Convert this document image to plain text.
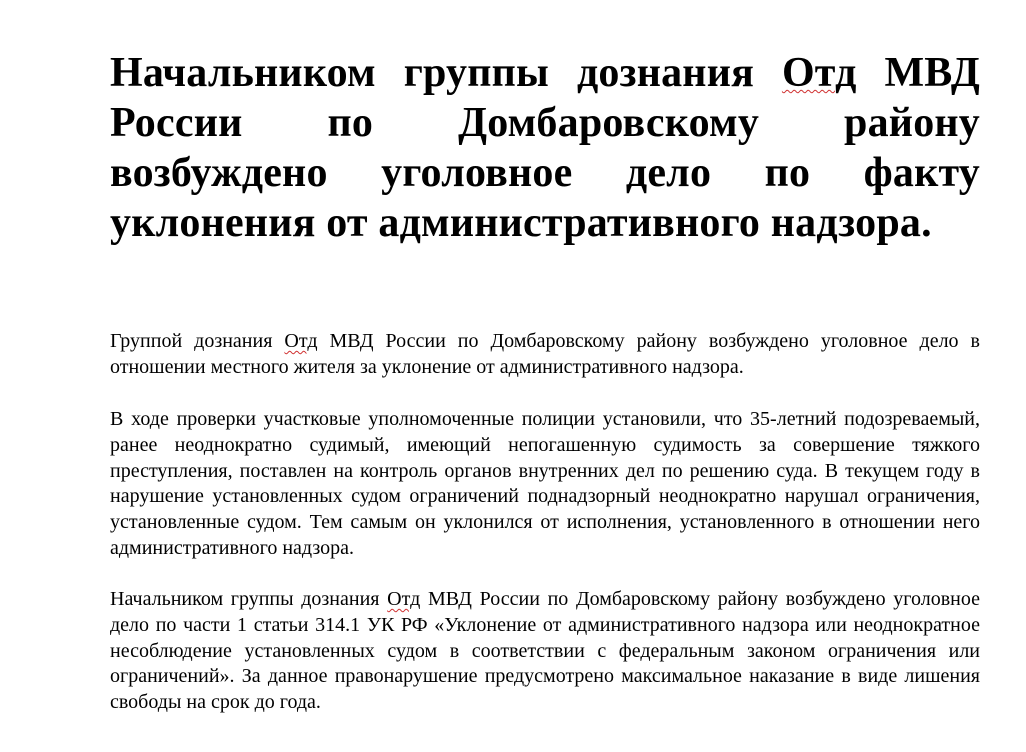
Начальником группы дознания Отд МВД России по Домбаровскому району возбуждено уголовное дело по факту уклонения от административного надзора.

Группой дознания Отд МВД России по Домбаровскому району возбуждено уголовное дело в отношении местного жителя за уклонение от административного надзора.

В ходе проверки участковые уполномоченные полиции установили, что 35-летний подозреваемый, ранее неоднократно судимый, имеющий непогашенную судимость за совершение тяжкого преступления, поставлен на контроль органов внутренних дел по решению суда. В текущем году в нарушение установленных судом ограничений поднадзорный неоднократно нарушал ограничения, установленные судом. Тем самым он уклонился от исполнения, установленного в отношении него административного надзора.

Начальником группы дознания Отд МВД России по Домбаровскому району возбуждено уголовное дело по части 1 статьи 314.1 УК РФ «Уклонение от административного надзора или неоднократное несоблюдение установленных судом в соответствии с федеральным законом ограничения или ограничений». За данное правонарушение предусмотрено максимальное наказание в виде лишения свободы на срок до года.
